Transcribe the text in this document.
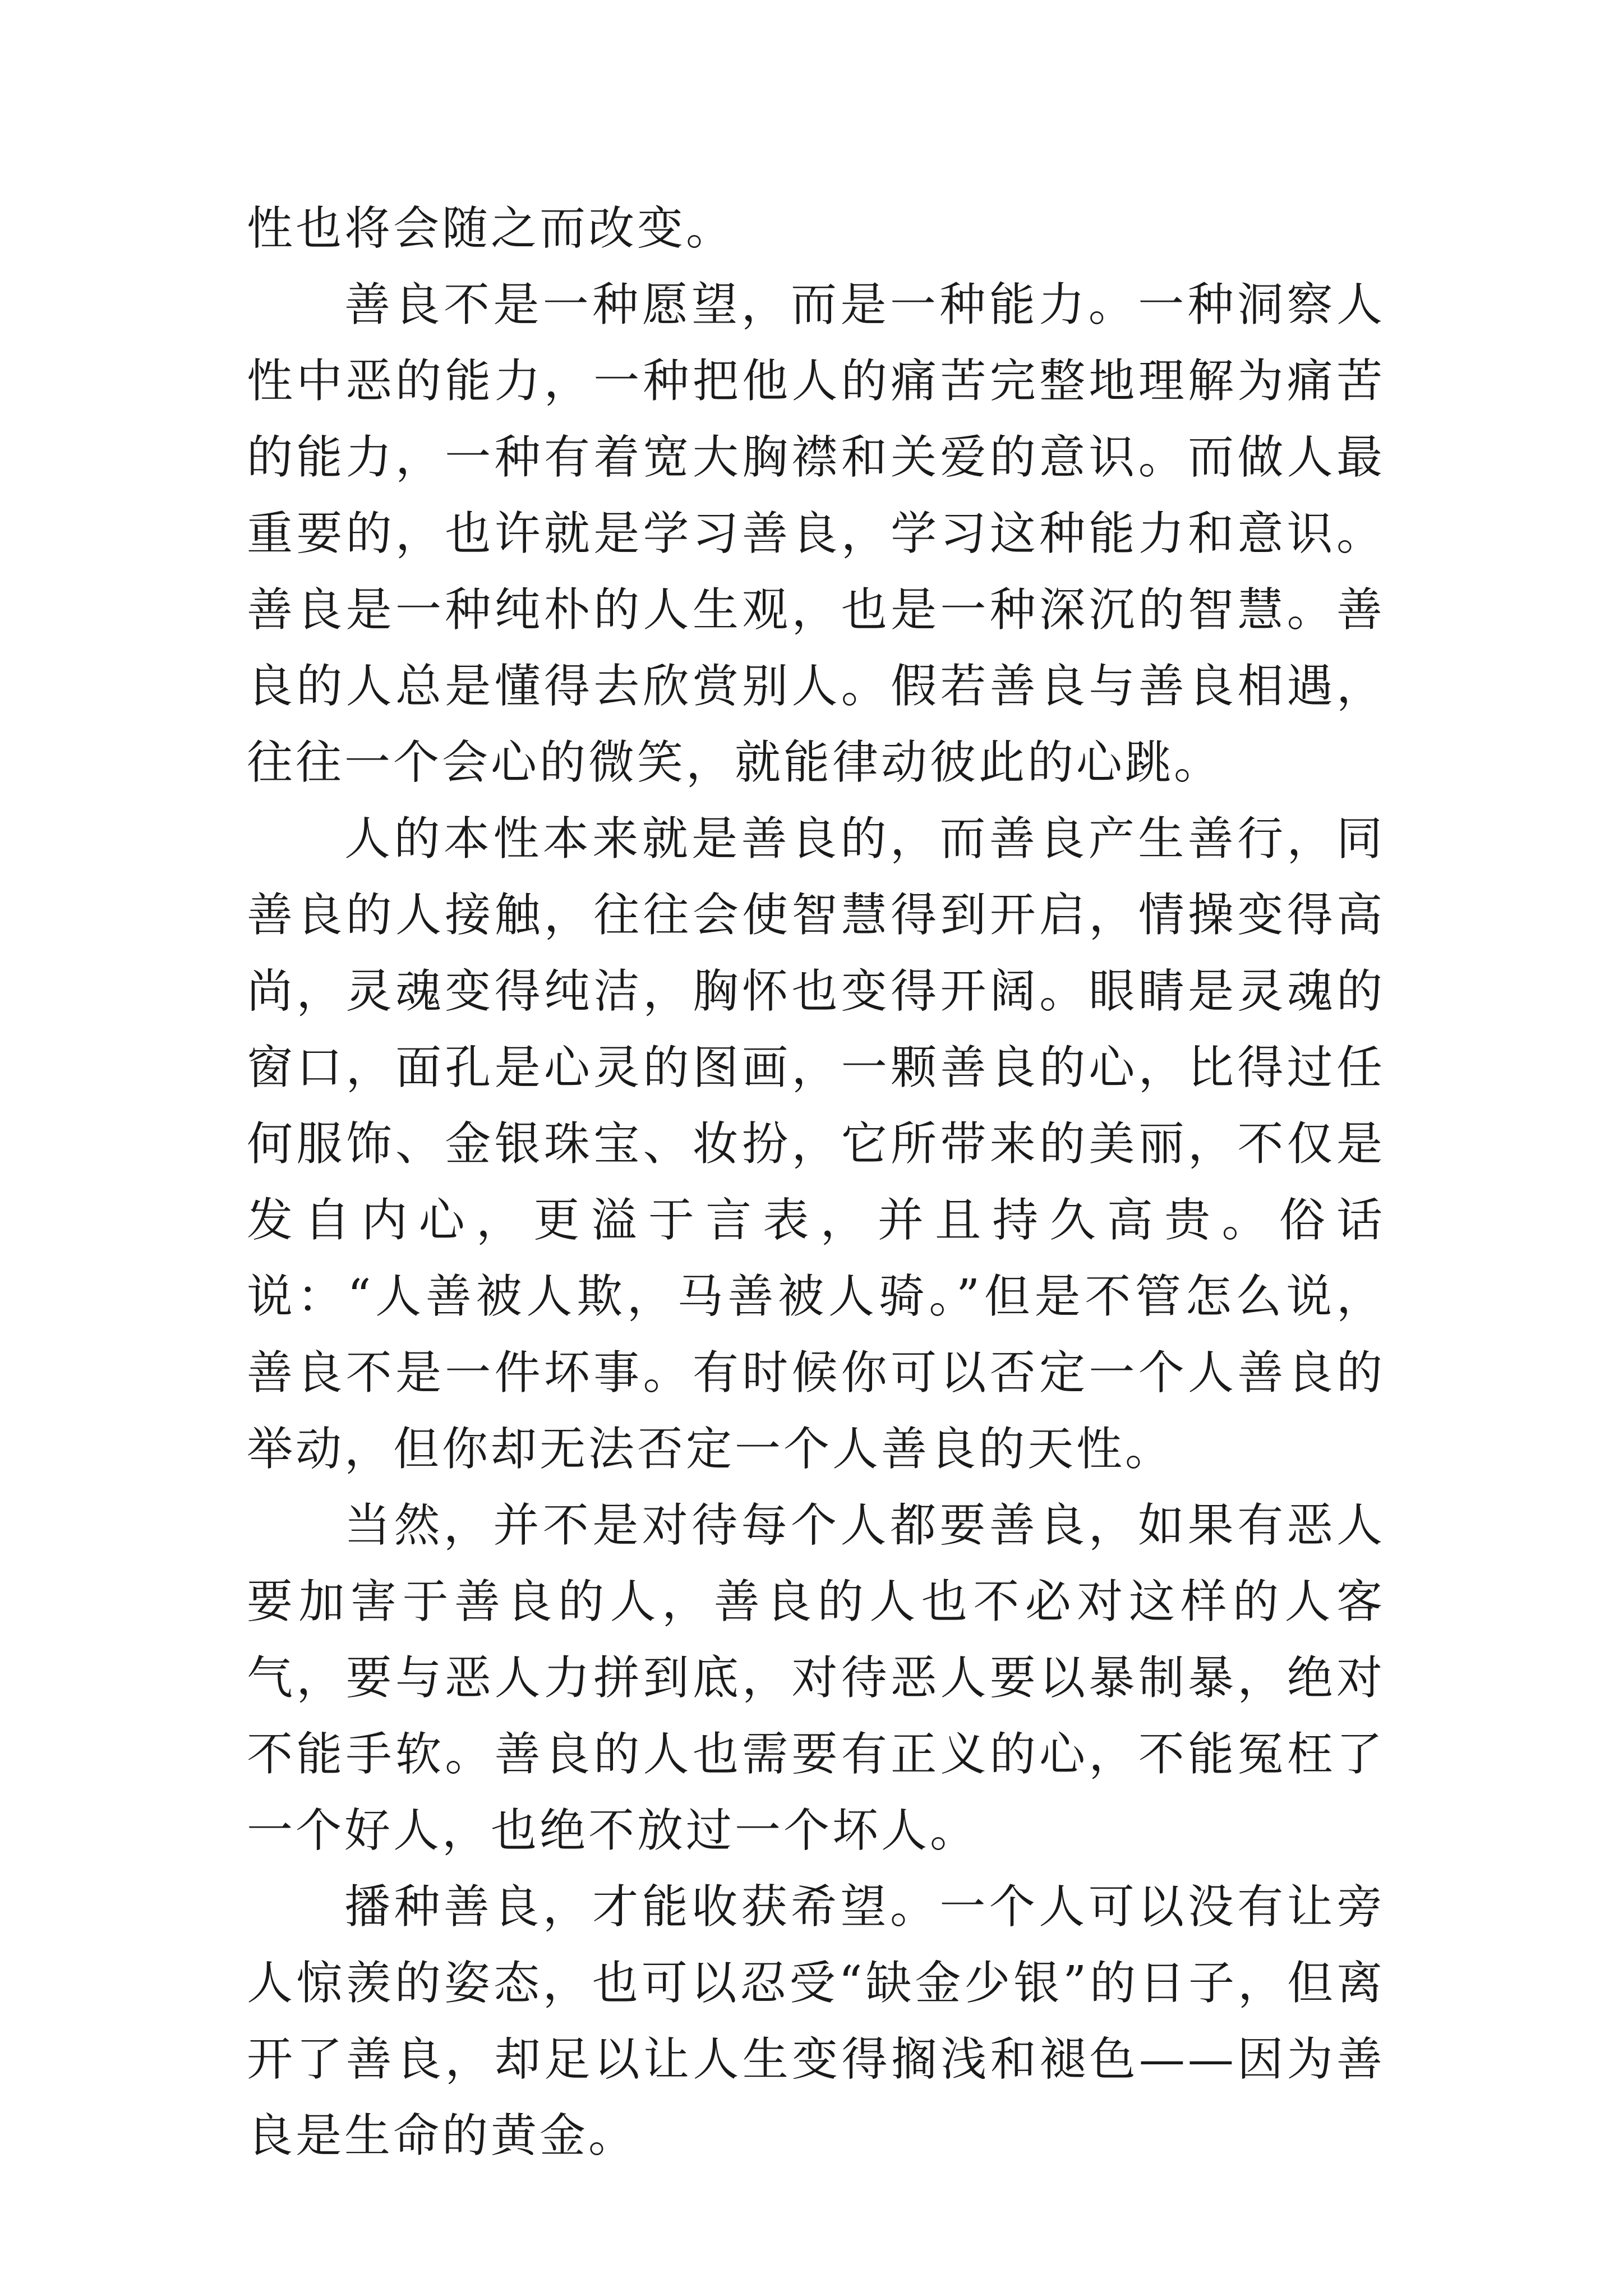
性也将会随之而改变。

善良不是一种愿望，而是一种能力。一种洞察人性中恶的能力，一种把他人的痛苦完整地理解为痛苦的能力，一种有着宽大胸襟和关爱的意识。而做人最重要的，也许就是学习善良，学习这种能力和意识。善良是一种纯朴的人生观，也是一种深沉的智慧。善良的人总是懂得去欣赏别人。假若善良与善良相遇，往往一个会心的微笑，就能律动彼此的心跳。

人的本性本来就是善良的，而善良产生善行，同善良的人接触，往往会使智慧得到开启，情操变得高尚，灵魂变得纯洁，胸怀也变得开阔。眼睛是灵魂的窗口，面孔是心灵的图画，一颗善良的心，比得过任何服饰、金银珠宝、妆扮，它所带来的美丽，不仅是发自内心，更溢于言表，并且持久高贵。俗话说：“人善被人欺，马善被人骑。”但是不管怎么说，善良不是一件坏事。有时候你可以否定一个人善良的举动，但你却无法否定一个人善良的天性。

当然，并不是对待每个人都要善良，如果有恶人要加害于善良的人，善良的人也不必对这样的人客气，要与恶人力拼到底，对待恶人要以暴制暴，绝对不能手软。善良的人也需要有正义的心，不能冤枉了一个好人，也绝不放过一个坏人。

播种善良，才能收获希望。一个人可以没有让旁人惊羡的姿态，也可以忍受“缺金少银”的日子，但离开了善良，却足以让人生变得搁浅和褪色——因为善良是生命的黄金。
